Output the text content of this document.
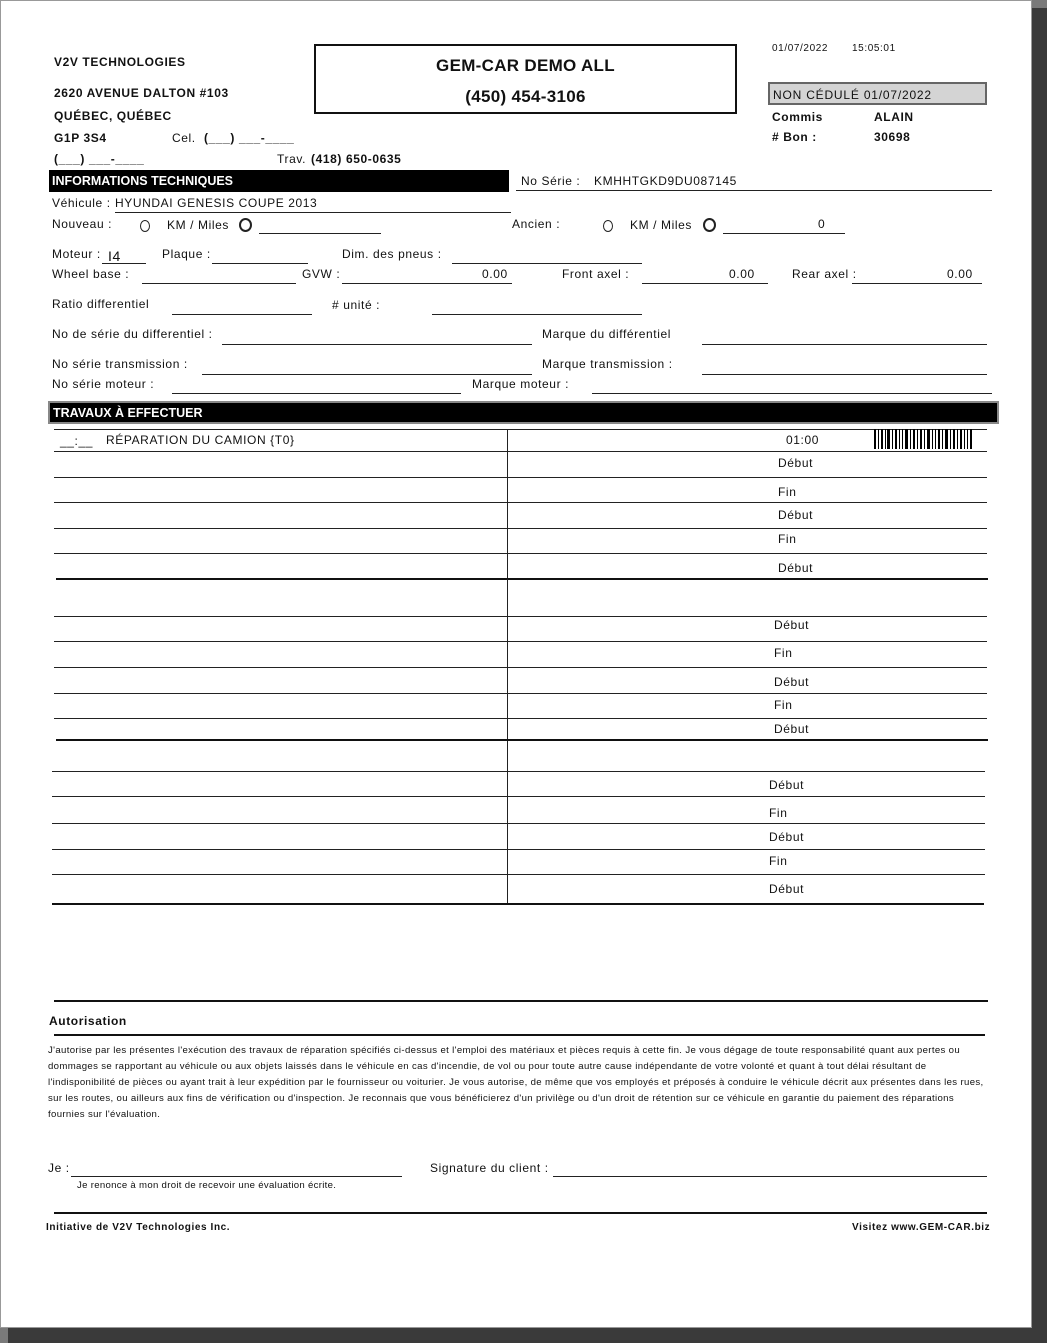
V2V TECHNOLOGIES
2620 AVENUE DALTON #103
QUÉBEC, QUÉBEC
G1P 3S4	Cel. (___) ___-____
(___) ___-____	Trav. (418) 650-0635
GEM-CAR DEMO ALL
(450) 454-3106
01/07/2022 15:05:01
NON CÉDULÉ 01/07/2022
Commis	ALAIN
# Bon :	30698
INFORMATIONS TECHNIQUES	No Série : KMHHTGKD9DU087145
Véhicule : HYUNDAI GENESIS COUPE 2013
Nouveau :	KM / Miles	Ancien :	KM / Miles	0
Moteur : I4	Plaque :	Dim. des pneus :
Wheel base :	GVW :	0.00	Front axel :	0.00	Rear axel :	0.00
Ratio differentiel	# unité :
No de série du differentiel :	Marque du différentiel
No série transmission :	Marque transmission :
No série moteur :	Marque moteur :
TRAVAUX À EFFECTUER
__:__ RÉPARATION DU CAMION {T0}	01:00
Début
Fin
Début
Fin
Début
Début
Fin
Début
Fin
Début
Début
Fin
Début
Fin
Début
Autorisation
J'autorise par les présentes l'exécution des travaux de réparation spécifiés ci-dessus et l'emploi des matériaux et pièces requis à cette fin. Je vous dégage de toute responsabilité quant aux pertes ou dommages se rapportant au véhicule ou aux objets laissés dans le véhicule en cas d'incendie, de vol ou pour toute autre cause indépendante de votre volonté et quant à tout délai résultant de l'indisponibilité de pièces ou ayant trait à leur expédition par le fournisseur ou voiturier. Je vous autorise, de même que vos employés et préposés à conduire le véhicule décrit aux présentes dans les rues, sur les routes, ou ailleurs aux fins de vérification ou d'inspection. Je reconnais que vous bénéficierez d'un privilège ou d'un droit de rétention sur ce véhicule en garantie du paiement des réparations fournies sur l'évaluation.
Je :
Je renonce à mon droit de recevoir une évaluation écrite.
Signature du client :
Initiative de V2V Technologies Inc.	Visitez www.GEM-CAR.biz
